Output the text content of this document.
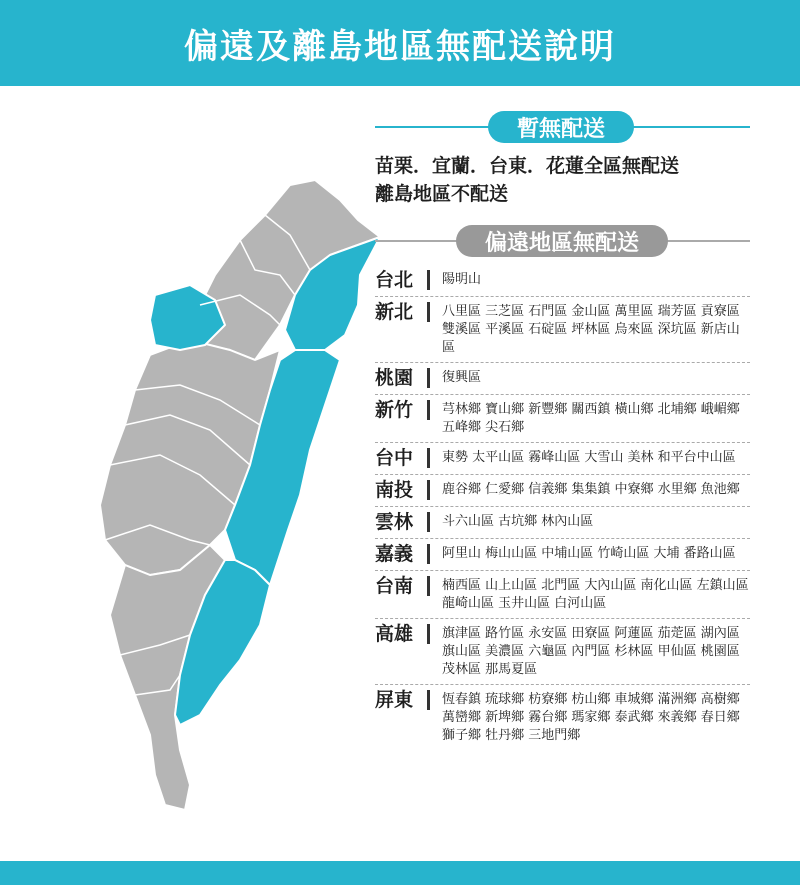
偏遠及離島地區無配送說明
暫無配送
苗栗．宜蘭．台東．花蓮全區無配送
離島地區不配送
偏遠地區無配送
台北	陽明山
新北	八里區 三芝區 石門區 金山區 萬里區 瑞芳區 貢寮區 雙溪區 平溪區 石碇區 坪林區 烏來區 深坑區 新店山區
桃園	復興區
新竹	芎林鄉 寶山鄉 新豐鄉 關西鎮 橫山鄉 北埔鄉 峨嵋鄉 五峰鄉 尖石鄉
台中	東勢 太平山區 霧峰山區 大雪山 美林 和平台中山區
南投	鹿谷鄉 仁愛鄉 信義鄉 集集鎮 中寮鄉 水里鄉 魚池鄉
雲林	斗六山區 古坑鄉 林內山區
嘉義	阿里山 梅山山區 中埔山區 竹崎山區 大埔 番路山區
台南	楠西區 山上山區 北門區 大內山區 南化山區 左鎮山區 龍崎山區 玉井山區 白河山區
高雄	旗津區 路竹區 永安區 田寮區 阿蓮區 茄萣區 湖內區 旗山區 美濃區 六龜區 內門區 杉林區 甲仙區 桃園區 茂林區 那馬夏區
屏東	恆春鎮 琉球鄉 枋寮鄉 枋山鄉 車城鄉 滿洲鄉 高樹鄉 萬巒鄉 新埤鄉 霧台鄉 瑪家鄉 泰武鄉 來義鄉 春日鄉 獅子鄉 牡丹鄉 三地門鄉
